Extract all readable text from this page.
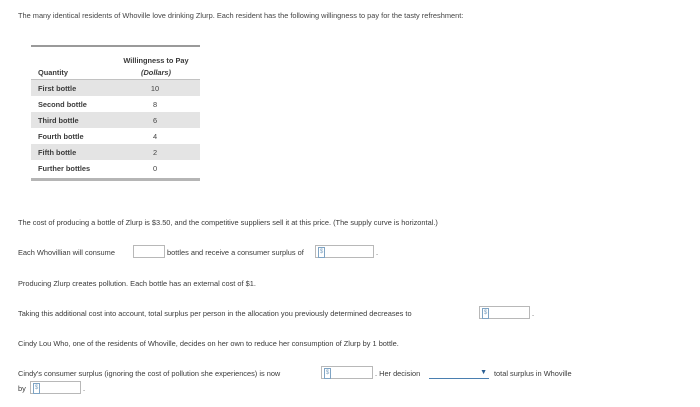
The many identical residents of Whoville love drinking Zlurp. Each resident has the following willingness to pay for the tasty refreshment:
Willingness to Pay
(Dollars)
Quantity
First bottle	10
Second bottle	8
Third bottle	6
Fourth bottle	4
Fifth bottle	2
Further bottles	0
The cost of producing a bottle of Zlurp is $3.50, and the competitive suppliers sell it at this price. (The supply curve is horizontal.)
Each Whovillian will consume	bottles and receive a consumer surplus of	$	.
Producing Zlurp creates pollution. Each bottle has an external cost of $1.
Taking this additional cost into account, total surplus per person in the allocation you previously determined decreases to	$	.
Cindy Lou Who, one of the residents of Whoville, decides on her own to reduce her consumption of Zlurp by 1 bottle.
Cindy's consumer surplus (ignoring the cost of pollution she experiences) is now	$	. Her decision	▼ total surplus in Whoville
by	$	.
